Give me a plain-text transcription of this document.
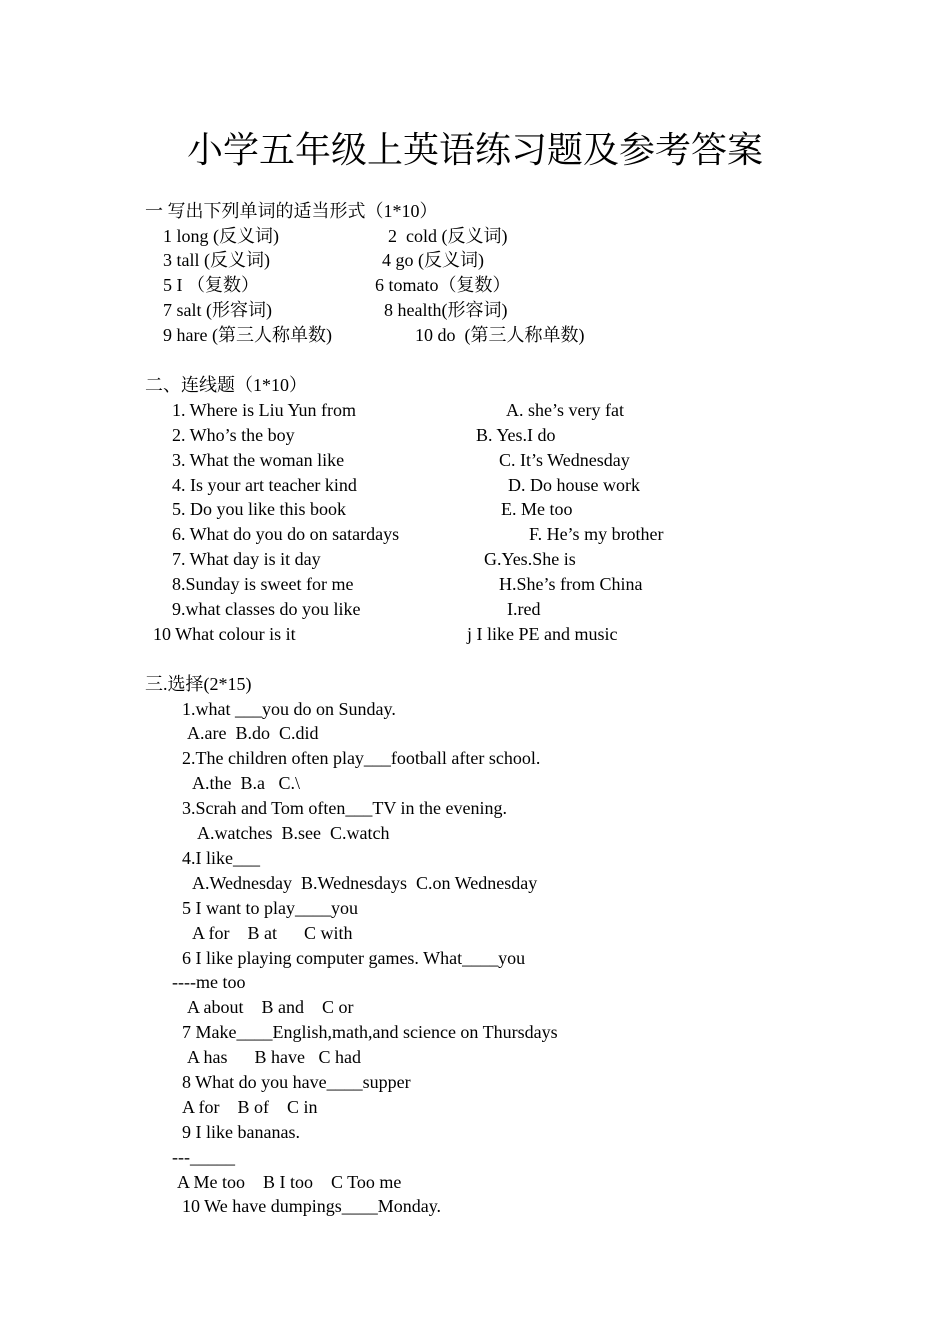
小学五年级上英语练习题及参考答案
一 写出下列单词的适当形式（1*10）
1 long (反义词)	2  cold (反义词)
3 tall (反义词)	4 go (反义词)
5 I （复数）	6 tomato（复数）
7 salt (形容词)	8 health(形容词)
9 hare (第三人称单数)	10 do  (第三人称单数)
二、连线题（1*10）
1. Where is Liu Yun from	A. she’s very fat
2. Who’s the boy	B. Yes.I do
3. What the woman like	C. It’s Wednesday
4. Is your art teacher kind	D. Do house work
5. Do you like this book	E. Me too
6. What do you do on satardays	F. He’s my brother
7. What day is it day	G.Yes.She is
8.Sunday is sweet for me	H.She’s from China
9.what classes do you like	I.red
10 What colour is it	j I like PE and music
三.选择(2*15)
1.what ___you do on Sunday.
A.are  B.do  C.did
2.The children often play___football after school.
A.the  B.a   C.\
3.Scrah and Tom often___TV in the evening.
A.watches  B.see  C.watch
4.I like___
A.Wednesday  B.Wednesdays  C.on Wednesday
5 I want to play____you
A for    B at      C with
6 I like playing computer games. What____you
----me too
A about    B and    C or
7 Make____English,math,and science on Thursdays
A has      B have   C had
8 What do you have____supper
A for    B of    C in
9 I like bananas.
---_____
A Me too    B I too    C Too me
10 We have dumpings____Monday.
